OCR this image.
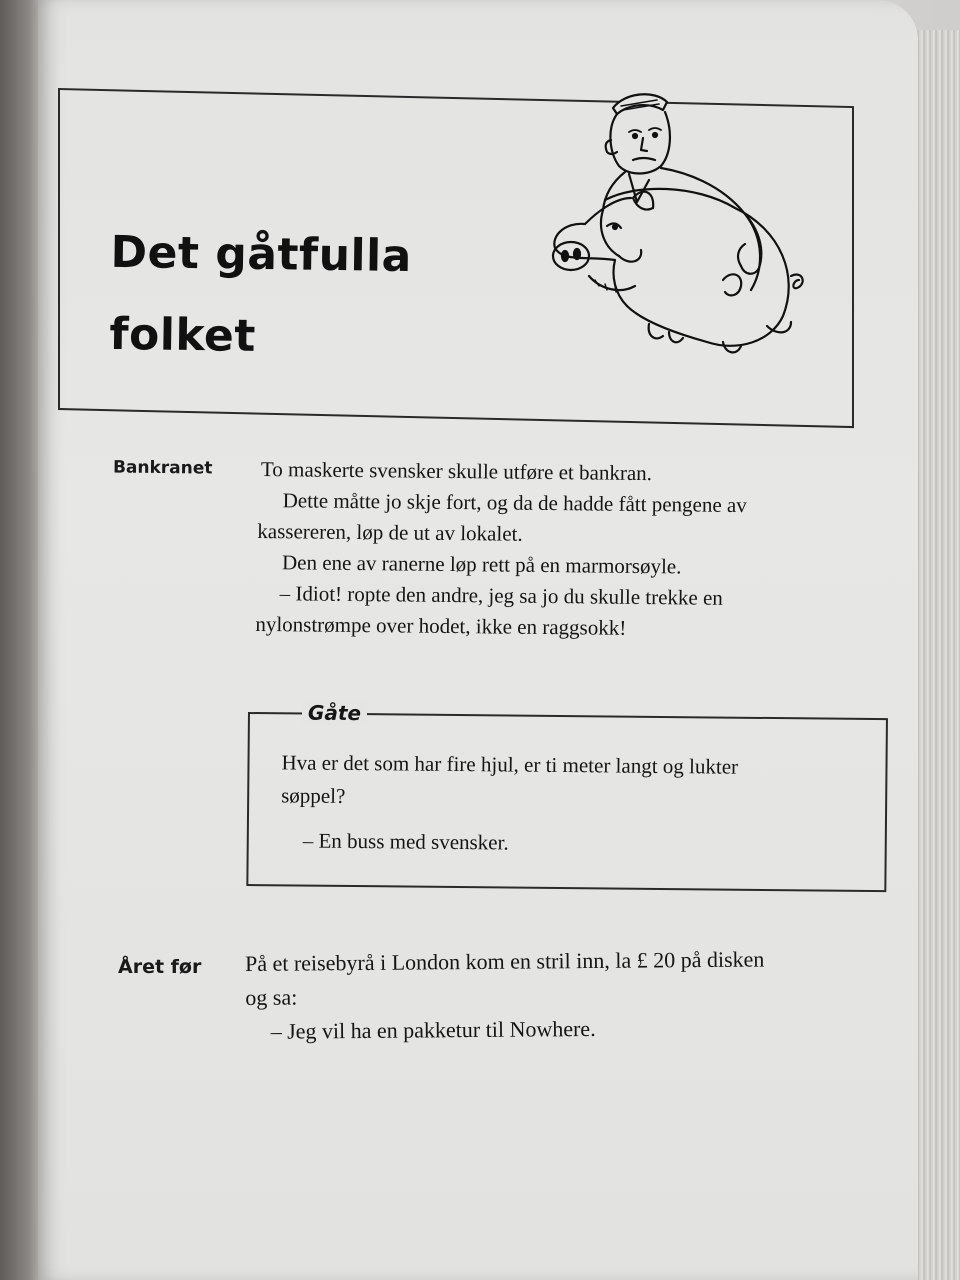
Det gåtfulla
folket
Bankranet To maskerte svensker skulle utføre et bankran.
Dette måtte jo skje fort, og da de hadde fått pengene av
kassereren, løp de ut av lokalet.
Den ene av ranerne løp rett på en marmorsøyle.
– Idiot! ropte den andre, jeg sa jo du skulle trekke en
nylonstrømpe over hodet, ikke en raggsokk!
Gåte
Hva er det som har fire hjul, er ti meter langt og lukter
søppel?
– En buss med svensker.
Året før På et reisebyrå i London kom en stril inn, la £ 20 på disken
og sa:
– Jeg vil ha en pakketur til Nowhere.
